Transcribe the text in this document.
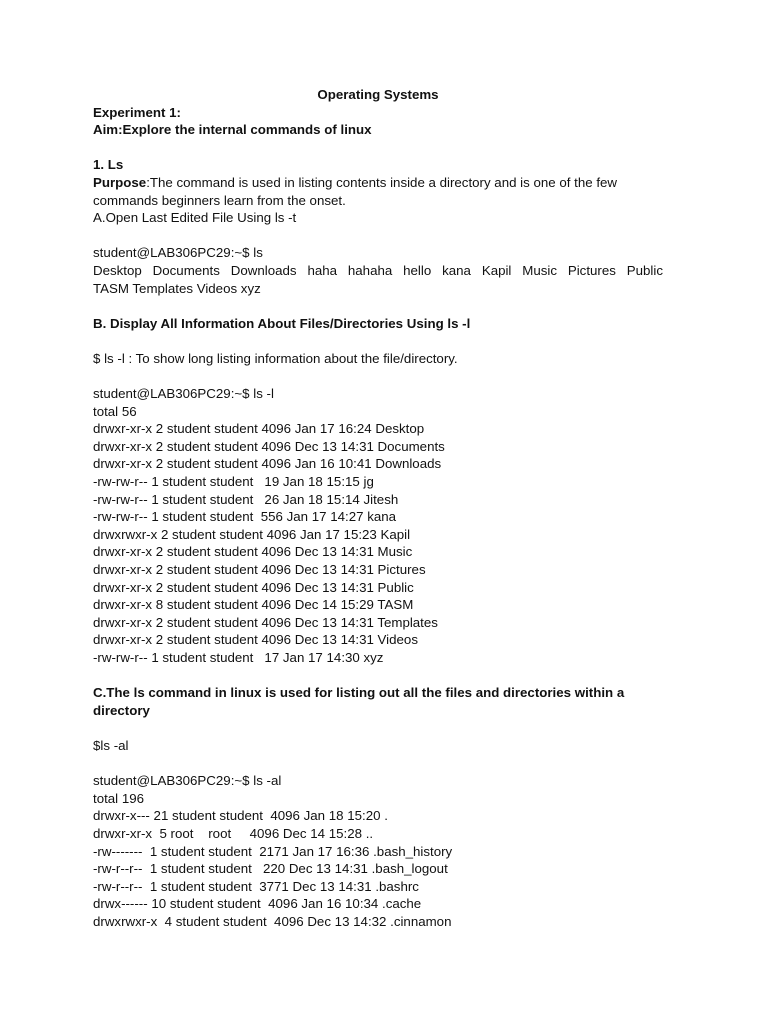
Operating Systems

Experiment 1:

Aim:Explore the internal commands of linux

1. Ls

Purpose:The command is used in listing contents inside a directory and is one of the few commands beginners learn from the onset.

A.Open Last Edited File Using ls -t

student@LAB306PC29:~$ ls

Desktop Documents Downloads haha hahaha hello kana Kapil Music Pictures Public

TASM Templates Videos xyz

B. Display All Information About Files/Directories Using ls -l

$ ls -l : To show long listing information about the file/directory.

student@LAB306PC29:~$ ls -l

total 56

drwxr-xr-x 2 student student 4096 Jan 17 16:24 Desktop

drwxr-xr-x 2 student student 4096 Dec 13 14:31 Documents

drwxr-xr-x 2 student student 4096 Jan 16 10:41 Downloads

-rw-rw-r-- 1 student student   19 Jan 18 15:15 jg

-rw-rw-r-- 1 student student   26 Jan 18 15:14 Jitesh

-rw-rw-r-- 1 student student  556 Jan 17 14:27 kana

drwxrwxr-x 2 student student 4096 Jan 17 15:23 Kapil

drwxr-xr-x 2 student student 4096 Dec 13 14:31 Music

drwxr-xr-x 2 student student 4096 Dec 13 14:31 Pictures

drwxr-xr-x 2 student student 4096 Dec 13 14:31 Public

drwxr-xr-x 8 student student 4096 Dec 14 15:29 TASM

drwxr-xr-x 2 student student 4096 Dec 13 14:31 Templates

drwxr-xr-x 2 student student 4096 Dec 13 14:31 Videos

-rw-rw-r-- 1 student student   17 Jan 17 14:30 xyz

C.The ls command in linux is used for listing out all the files and directories within a directory

$ls -al

student@LAB306PC29:~$ ls -al

total 196

drwxr-x--- 21 student student  4096 Jan 18 15:20 .

drwxr-xr-x  5 root    root     4096 Dec 14 15:28 ..

-rw-------  1 student student  2171 Jan 17 16:36 .bash_history

-rw-r--r--  1 student student   220 Dec 13 14:31 .bash_logout

-rw-r--r--  1 student student  3771 Dec 13 14:31 .bashrc

drwx------ 10 student student  4096 Jan 16 10:34 .cache

drwxrwxr-x  4 student student  4096 Dec 13 14:32 .cinnamon
